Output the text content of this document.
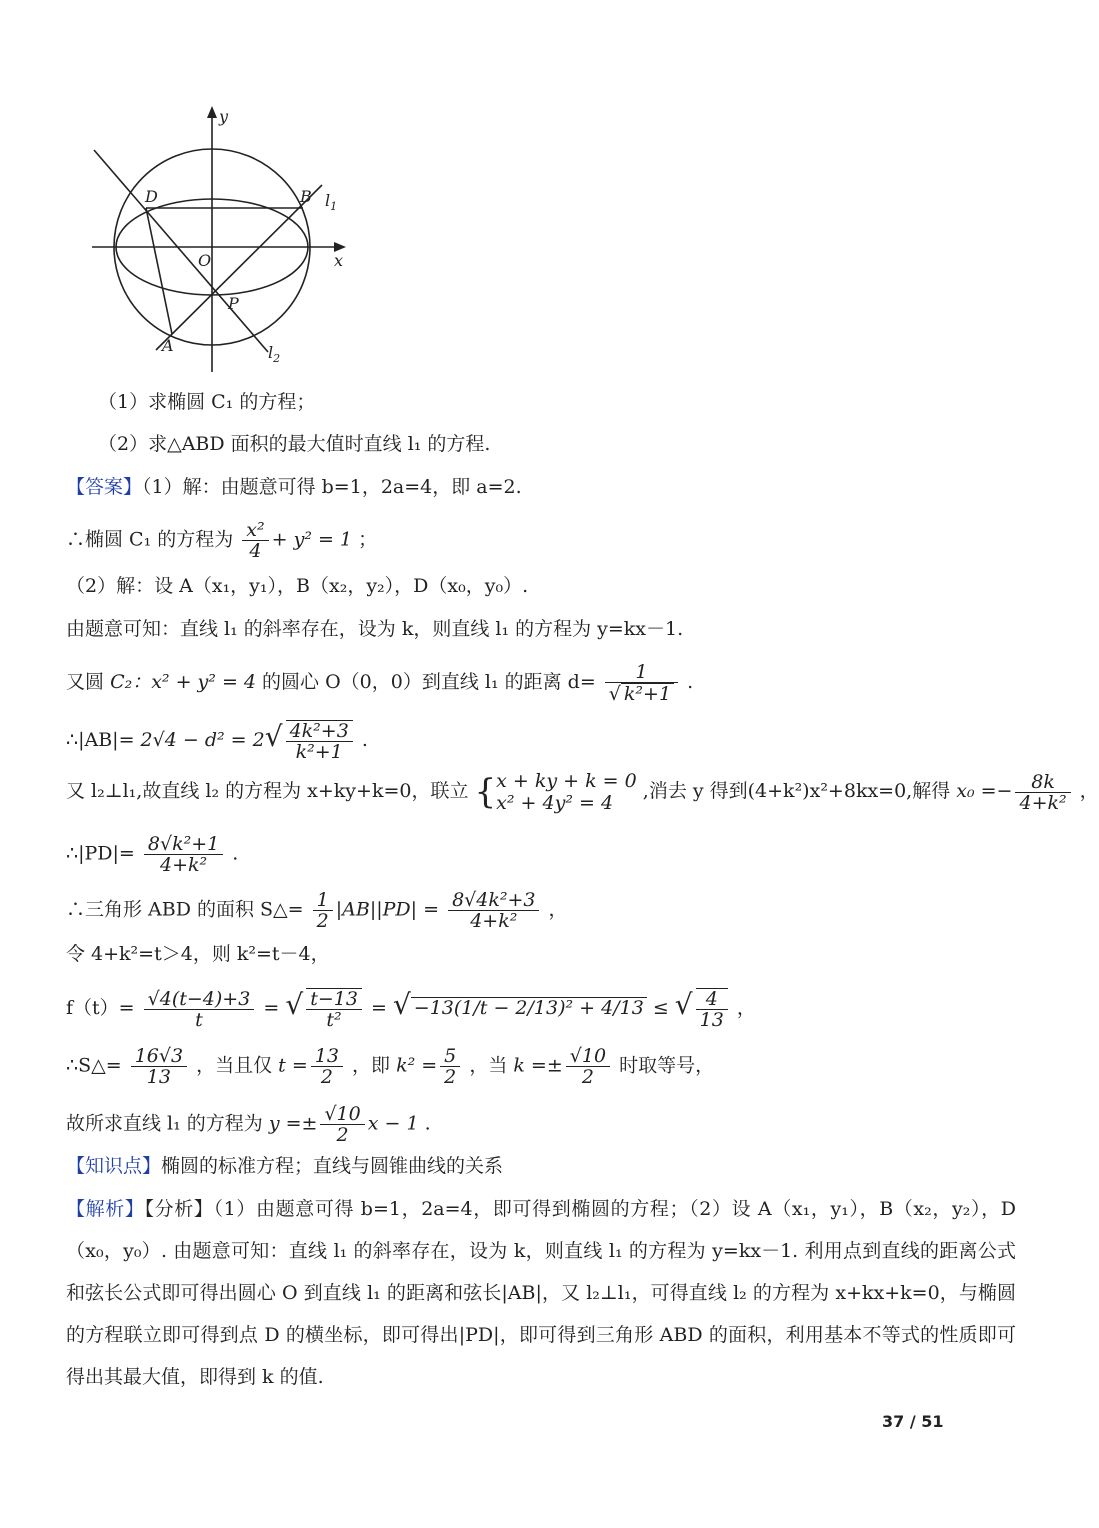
y
x
O
D	B
P
A
$l_1$
$l_2$
（1）求椭圆 C₁ 的方程；
（2）求△ABD 面积的最大值时直线 l₁ 的方程.
【答案】（1）解：由题意可得 b=1，2a=4，即 a=2.
∴椭圆 C₁ 的方程为 $\frac{\text{x²}}{4} + y^2 = 1$ ；
（2）解：设 A（x₁，y₁），B（x₂，y₂），D（x₀，y₀）.
由题意可知：直线 l₁ 的斜率存在，设为 k，则直线 l₁ 的方程为 y=kx－1.
又圆 C₂：x² + y² = 4 的圆心 O（0，0）到直线 l₁ 的距离 $d= \frac{1}{\text{√ k²+1}}$ .
∴|AB|= $2√4 - d^2 = 2√ \frac{\text{4k²+3}}{\text{k²+1}}$ .
又 l₂⊥l₁,故直线 l₂ 的方程为 x+ky+k=0，联立 { x + ky + k = 0
x² + 4y² = 4
,消去 y 得到(4+k²)x²+8kx=0,解得 $x_0 =- \frac{8k}{\text{4+k²}}$ ，
∴|PD|= $\frac{\text{8√k²+1}}{\text{4+k²}}$ .
∴三角形 ABD 的面积 S△= $\frac{1}{2} |AB||PD| = \frac{\text{8√4k²+3}}{\text{4+k²}}$ ，
令 4+k²=t＞4，则 k²=t－4，
$f(t)= \frac{√4(t-4)+3}{t}$ = √ $\frac{t-13}{\text{t²}}$ = √ −13(1/t − 2/13)² + 4/13 ≤ √ $\frac{4}{13}$ ，
∴S△= $\frac{16√3}{13}$ ，当且仅 $t = \frac{13}{2}$ ，即 $k^2 = \frac{5}{2}$ ，当 $k =\pm \frac{√10}{2}$ 时取等号，
故所求直线 l₁ 的方程为 $y =\pm \frac{√10}{2}$ x − 1 .
【知识点】椭圆的标准方程；直线与圆锥曲线的关系
【解析】【分析】（1）由题意可得 b=1，2a=4，即可得到椭圆的方程；（2）设 A（x₁，y₁），B（x₂，y₂），D（x₀，y₀）. 由题意可知：直线 l₁ 的斜率存在，设为 k，则直线 l₁ 的方程为 y=kx－1. 利用点到直线的距离公式和弦长公式即可得出圆心 O 到直线 l₁ 的距离和弦长|AB|，又 l₂⊥l₁，可得直线 l₂ 的方程为 x+kx+k=0，与椭圆的方程联立即可得到点 D 的横坐标，即可得出|PD|，即可得到三角形 ABD 的面积，利用基本不等式的性质即可得出其最大值，即得到 k 的值.
37 / 51
